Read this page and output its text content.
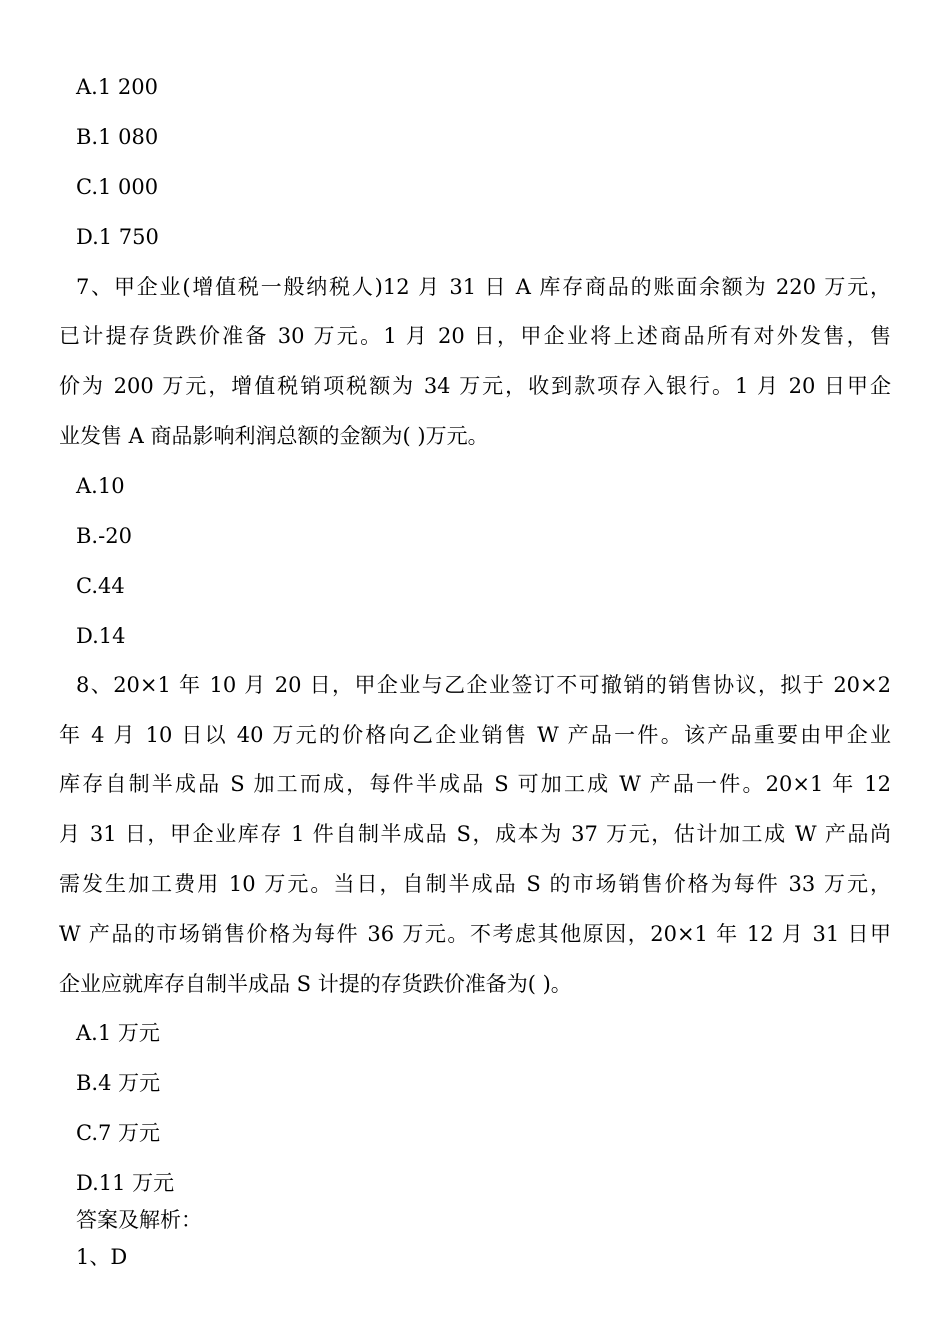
A.1 200
B.1 080
C.1 000
D.1 750
7、甲企业(增值税一般纳税人)12 月 31 日 A 库存商品的账面余额为 220 万元，
已计提存货跌价准备 30 万元。1 月 20 日，甲企业将上述商品所有对外发售，售
价为 200 万元，增值税销项税额为 34 万元，收到款项存入银行。1 月 20 日甲企
业发售 A 商品影响利润总额的金额为( )万元。
A.10
B.-20
C.44
D.14
8、20×1 年 10 月 20 日，甲企业与乙企业签订不可撤销的销售协议，拟于 20×2
年 4 月 10 日以 40 万元的价格向乙企业销售 W 产品一件。该产品重要由甲企业
库存自制半成品 S 加工而成，每件半成品 S 可加工成 W 产品一件。20×1 年 12
月 31 日，甲企业库存 1 件自制半成品 S，成本为 37 万元，估计加工成 W 产品尚
需发生加工费用 10 万元。当日，自制半成品 S 的市场销售价格为每件 33 万元，
W 产品的市场销售价格为每件 36 万元。不考虑其他原因，20×1 年 12 月 31 日甲
企业应就库存自制半成品 S 计提的存货跌价准备为( )。
A.1 万元
B.4 万元
C.7 万元
D.11 万元
答案及解析：
1、D
